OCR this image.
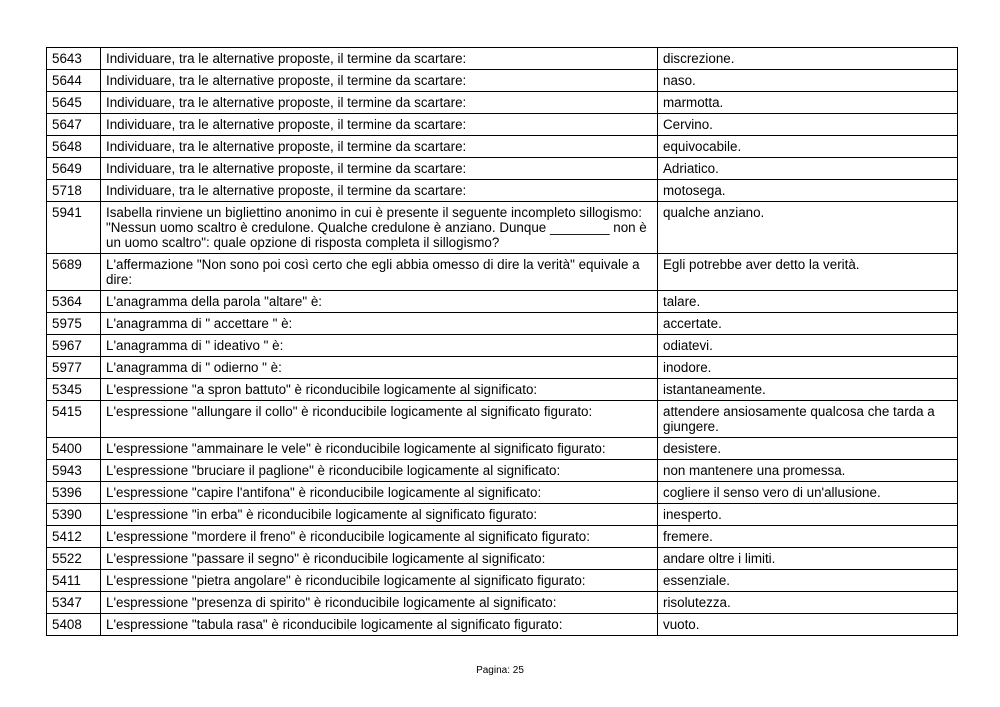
5643	Individuare, tra le alternative proposte, il termine da scartare:	discrezione.
5644	Individuare, tra le alternative proposte, il termine da scartare:	naso.
5645	Individuare, tra le alternative proposte, il termine da scartare:	marmotta.
5647	Individuare, tra le alternative proposte, il termine da scartare:	Cervino.
5648	Individuare, tra le alternative proposte, il termine da scartare:	equivocabile.
5649	Individuare, tra le alternative proposte, il termine da scartare:	Adriatico.
5718	Individuare, tra le alternative proposte, il termine da scartare:	motosega.
5941	Isabella rinviene un bigliettino anonimo in cui è presente il seguente incompleto sillogismo: "Nessun uomo scaltro è credulone. Qualche credulone è anziano. Dunque ________ non è un uomo scaltro": quale opzione di risposta completa il sillogismo?	qualche anziano.
5689	L'affermazione "Non sono poi così certo che egli abbia omesso di dire la verità" equivale a dire:	Egli potrebbe aver detto la verità.
5364	L'anagramma della parola "altare" è:	talare.
5975	L'anagramma di " accettare " è:	accertate.
5967	L'anagramma di " ideativo " è:	odiatevi.
5977	L'anagramma di " odierno " è:	inodore.
5345	L'espressione "a spron battuto" è riconducibile logicamente al significato:	istantaneamente.
5415	L'espressione "allungare il collo" è riconducibile logicamente al significato figurato:	attendere ansiosamente qualcosa che tarda a giungere.
5400	L'espressione "ammainare le vele" è riconducibile logicamente al significato figurato:	desistere.
5943	L'espressione "bruciare il paglione" è riconducibile logicamente al significato:	non mantenere una promessa.
5396	L'espressione "capire l'antifona" è riconducibile logicamente al significato:	cogliere il senso vero di un'allusione.
5390	L'espressione "in erba" è riconducibile logicamente al significato figurato:	inesperto.
5412	L'espressione "mordere il freno" è riconducibile logicamente al significato figurato:	fremere.
5522	L'espressione "passare il segno" è riconducibile logicamente al significato:	andare oltre i limiti.
5411	L'espressione "pietra angolare" è riconducibile logicamente al significato figurato:	essenziale.
5347	L'espressione "presenza di spirito" è riconducibile logicamente al significato:	risolutezza.
5408	L'espressione "tabula rasa" è riconducibile logicamente al significato figurato:	vuoto.
Pagina: 25
